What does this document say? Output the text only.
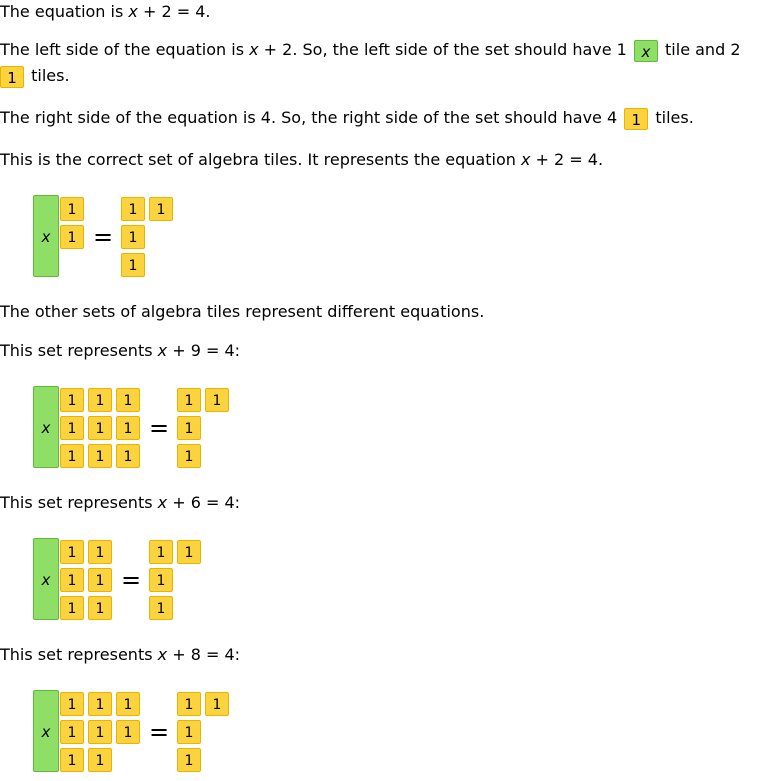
The equation is x + 2 = 4.

The left side of the equation is x + 2. So, the left side of the set should have 1 x tile and 2

1 tiles.

The right side of the equation is 4. So, the right side of the set should have 4 1 tiles.

This is the correct set of algebra tiles. It represents the equation x + 2 = 4.

x
1
1 =
1	1
1
1

The other sets of algebra tiles represent different equations.

This set represents x + 9 = 4:

x
1	1	1
1	1	1
1	1	1
=
1	1
1
1

This set represents x + 6 = 4:

x
1	1
1	1
1	1
=
1	1
1
1

This set represents x + 8 = 4:

x
1	1	1
1	1	1
1	1
=
1	1
1
1
